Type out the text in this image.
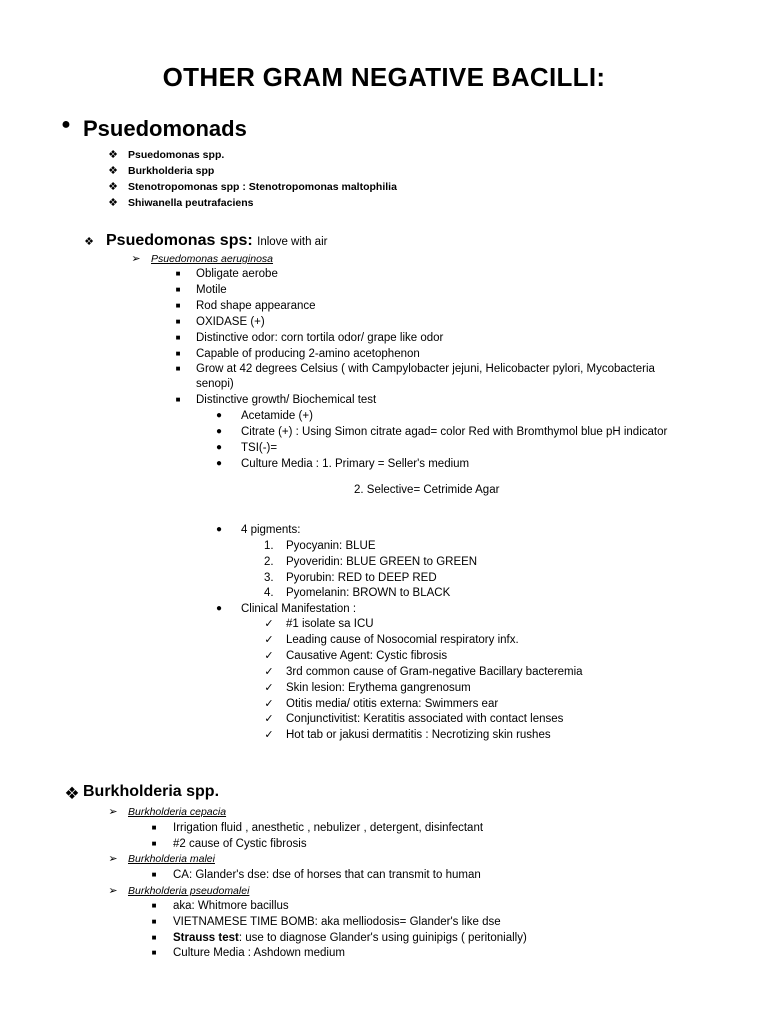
OTHER GRAM NEGATIVE BACILLI:
● Psuedomonads
❖ Psuedomonas spp.
❖ Burkholderia spp
❖ Stenotropomonas spp : Stenotropomonas maltophilia
❖ Shiwanella peutrafaciens
❖ Psuedomonas sps: Inlove with air
➢ Psuedomonas aeruginosa
■	Obligate aerobe
■	Motile
■	Rod shape appearance
■	OXIDASE (+)
■	Distinctive odor: corn tortila odor/ grape like odor
■	Capable of producing 2-amino acetophenon
■	Grow at 42 degrees Celsius ( with Campylobacter jejuni, Helicobacter pylori, Mycobacteria
senopi)
■	Distinctive growth/ Biochemical test
●	Acetamide (+)
●	Citrate (+) : Using Simon citrate agad= color Red with Bromthymol blue pH indicator
●	TSI(-)=
●	Culture Media : 1. Primary = Seller's medium
2. Selective= Cetrimide Agar
●	4 pigments:
1. Pyocyanin: BLUE
2. Pyoveridin: BLUE GREEN to GREEN
3. Pyorubin: RED to DEEP RED
4. Pyomelanin: BROWN to BLACK
●	Clinical Manifestation :
✓ #1 isolate sa ICU
✓ Leading cause of Nosocomial respiratory infx.
✓ Causative Agent: Cystic fibrosis
✓ 3rd common cause of Gram-negative Bacillary bacteremia
✓ Skin lesion: Erythema gangrenosum
✓ Otitis media/ otitis externa: Swimmers ear
✓ Conjunctivitist: Keratitis associated with contact lenses
✓ Hot tab or jakusi dermatitis : Necrotizing skin rushes
❖ Burkholderia spp.
➢ Burkholderia cepacia
■	Irrigation fluid , anesthetic , nebulizer , detergent, disinfectant
■	#2 cause of Cystic fibrosis
➢ Burkholderia malei
■	CA: Glander's dse: dse of horses that can transmit to human
➢ Burkholderia pseudomalei
■	aka: Whitmore bacillus
■	VIETNAMESE TIME BOMB: aka melliodosis= Glander's like dse
■	Strauss test: use to diagnose Glander's using guinipigs ( peritonially)
■	Culture Media : Ashdown medium
